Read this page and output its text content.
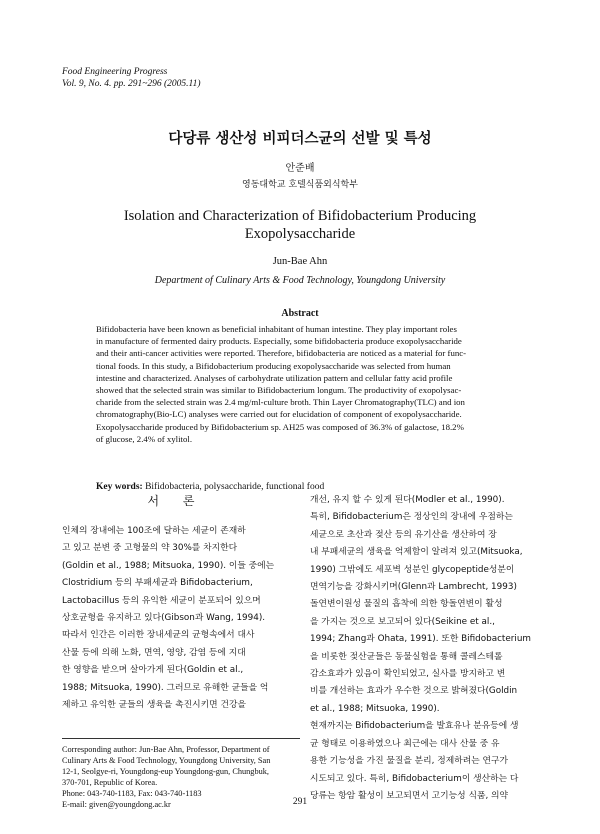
Food Engineering Progress
Vol. 9, No. 4. pp. 291~296 (2005.11)
다당류 생산성 비피더스균의 선발 및 특성
안준배
영동대학교 호텔식품외식학부
Isolation and Characterization of Bifidobacterium Producing
Exopolysaccharide
Jun-Bae Ahn
Department of Culinary Arts & Food Technology, Youngdong University
Abstract
Bifidobacteria have been known as beneficial inhabitant of human intestine. They play important roles
in manufacture of fermented dairy products. Especially, some bifidobacteria produce exopolysaccharide
and their anti-cancer activities were reported. Therefore, bifidobacteria are noticed as a material for func-
tional foods. In this study, a Bifidobacterium producing exopolysaccharide was selected from human
intestine and characterized. Analyses of carbohydrate utilization pattern and cellular fatty acid profile
showed that the selected strain was similar to Bifidobacterium longum. The productivity of exopolysac-
charide from the selected strain was 2.4 mg/ml-culture broth. Thin Layer Chromatography(TLC) and ion
chromatography(Bio-LC) analyses were carried out for elucidation of component of exopolysaccharide.
Exopolysaccharide produced by Bifidobacterium sp. AH25 was composed of 36.3% of galactose, 18.2%
of glucose, 2.4% of xylitol.
Key words: Bifidobacteria, polysaccharide, functional food
서 론
인체의 장내에는 100조에 달하는 세균이 존재하
고 있고 분변 중 고형물의 약 30%를 차지한다
(Goldin et al., 1988; Mitsuoka, 1990). 이들 중에는
Clostridium 등의 부패세균과 Bifidobacterium,
Lactobacillus 등의 유익한 세균이 분포되어 있으며
상호균형을 유지하고 있다(Gibson과 Wang, 1994).
따라서 인간은 이러한 장내세균의 균형속에서 대사
산물 등에 의해 노화, 면역, 영양, 감염 등에 지대
한 영향을 받으며 살아가게 된다(Goldin et al.,
1988; Mitsuoka, 1990). 그러므로 유해한 균들을 억
제하고 유익한 균들의 생육을 촉진시키면 건강을
개선, 유지 할 수 있게 된다(Modler et al., 1990).
특히, Bifidobacterium은 정상인의 장내에 우점하는
세균으로 초산과 젖산 등의 유기산을 생산하여 장
내 부패세균의 생육을 억제함이 알려져 있고(Mitsuoka,
1990) 그밖에도 세포벽 성분인 glycopeptide성분이
면역기능을 강화시키며(Glenn과 Lambrecht, 1993)
돌연변이원성 물질의 흡착에 의한 항돌연변이 활성
을 가지는 것으로 보고되어 있다(Seikine et al.,
1994; Zhang과 Ohata, 1991). 또한 Bifidobacterium
을 비롯한 젖산균들은 동물실험을 통해 콜레스테롤
감소효과가 있음이 확인되었고, 실사를 방지하고 변
비를 개선하는 효과가 우수한 것으로 밝혀졌다(Goldin
et al., 1988; Mitsuoka, 1990).
현재까지는 Bifidobacterium을 발효유나 분유등에 생
균 형태로 이용하였으나 최근에는 대사 산물 중 유
용한 기능성을 가진 물질을 분리, 정제하려는 연구가
시도되고 있다. 특히, Bifidobacterium이 생산하는 다
당류는 항암 활성이 보고되면서 고기능성 식품, 의약
Corresponding author: Jun-Bae Ahn, Professor, Department of
Culinary Arts & Food Technology, Youngdong University, San
12-1, Seolgye-ri, Youngdong-eup Youngdong-gun, Chungbuk,
370-701, Republic of Korea.
Phone: 043-740-1183, Fax: 043-740-1183
E-mail: given@youngdong.ac.kr	291
